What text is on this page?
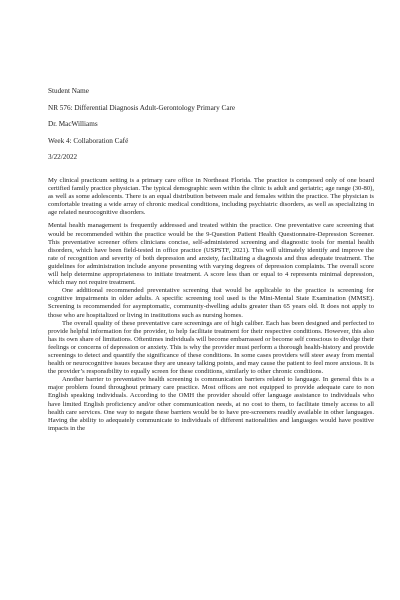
Student Name
NR 576: Differential Diagnosis Adult-Gerontology Primary Care
Dr. MacWilliams
Week 4: Collaboration Café
3/22/2022

My clinical practicum setting is a primary care office in Northeast Florida. The practice is composed only of one board certified family practice physician. The typical demographic seen within the clinic is adult and geriatric; age range (30-80), as well as some adolescents. There is an equal distribution between male and females within the practice. The physician is comfortable treating a wide array of chronic medical conditions, including psychiatric disorders, as well as specializing in age related neurocognitive disorders.

Mental health management is frequently addressed and treated within the practice. One preventative care screening that would be recommended within the practice would be the 9-Question Patient Health Questionnaire-Depression Screener. This preventative screener offers clinicians concise, self-administered screening and diagnostic tools for mental health disorders, which have been field-tested in office practice (USPSTF, 2021). This will ultimately identify and improve the rate of recognition and severity of both depression and anxiety, facilitating a diagnosis and thus adequate treatment. The guidelines for administration include anyone presenting with varying degrees of depression complaints. The overall score will help determine appropriateness to initiate treatment. A score less than or equal to 4 represents minimal depression, which may not require treatment.

One additional recommended preventative screening that would be applicable to the practice is screening for cognitive impairments in older adults. A specific screening tool used is the Mini-Mental State Examination (MMSE). Screening is recommended for asymptomatic, community-dwelling adults greater than 65 years old. It does not apply to those who are hospitalized or living in institutions such as nursing homes.

The overall quality of these preventative care screenings are of high caliber. Each has been designed and perfected to provide helpful information for the provider, to help facilitate treatment for their respective conditions. However, this also has its own share of limitations. Oftentimes individuals will become embarrassed or become self conscious to divulge their feelings or concerns of depression or anxiety. This is why the provider must perform a thorough health-history and provide screenings to detect and quantify the significance of these conditions. In some cases providers will steer away from mental health or neurocognitive issues because they are uneasy talking points, and may cause the patient to feel more anxious. It is the provider’s responsibility to equally screen for these conditions, similarly to other chronic conditions.

Another barrier to preventative health screening is communication barriers related to language. In general this is a major problem found throughout primary care practice. Most offices are not equipped to provide adequate care to non English speaking individuals. According to the OMH the provider should offer language assistance to individuals who have limited English proficiency and/or other communication needs, at no cost to them, to facilitate timely access to all health care services. One way to negate these barriers would be to have pre-screeners readily available in other languages. Having the ability to adequately communicate to individuals of different nationalities and languages would have positive impacts in the
